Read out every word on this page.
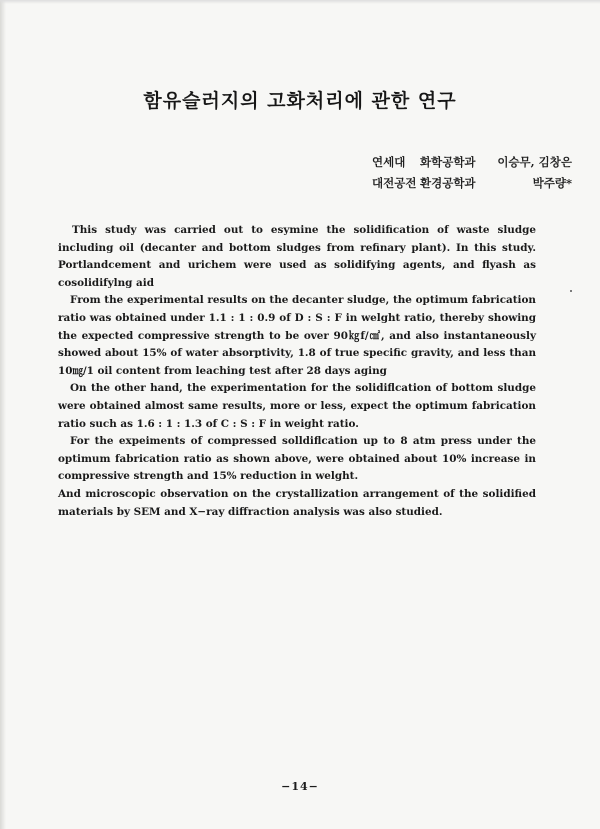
함유슬러지의 고화처리에 관한 연구
연세대 화학공학과 이승무, 김창은
대전공전 환경공학과	박주량*

This study was carried out to esymine the solidification of waste sludge including oil (decanter and bottom sludges from refinary plant). In this study. Portlandcement and urichem were used as solidifying agents, and flyash as cosolidifylng aid

From the experimental results on the decanter sludge, the optimum fabrication ratio was obtained under 1.1 : 1 : 0.9 of D : S : F in welght ratio, thereby showing the expected compressive strength to be over 90㎏f/㎠, and also instantaneously showed about 15% of water absorptivity, 1.8 of true specific gravity, and less than 10㎎/1 oil content from leaching test after 28 days aging

On the other hand, the experimentation for the solidiflcation of bottom sludge were obtained almost same results, more or less, expect the optimum fabrication ratio such as 1.6 : 1 : 1.3 of C : S : F in weight ratio.

For the expeiments of compressed solldiflcation up to 8 atm press under the optimum fabrication ratio as shown above, were obtained about 10% increase in compressive strength and 15% reduction in welght.

And microscopic observation on the crystallization arrangement of the solidified materials by SEM and X−ray diffraction analysis was also studied.

−14−
